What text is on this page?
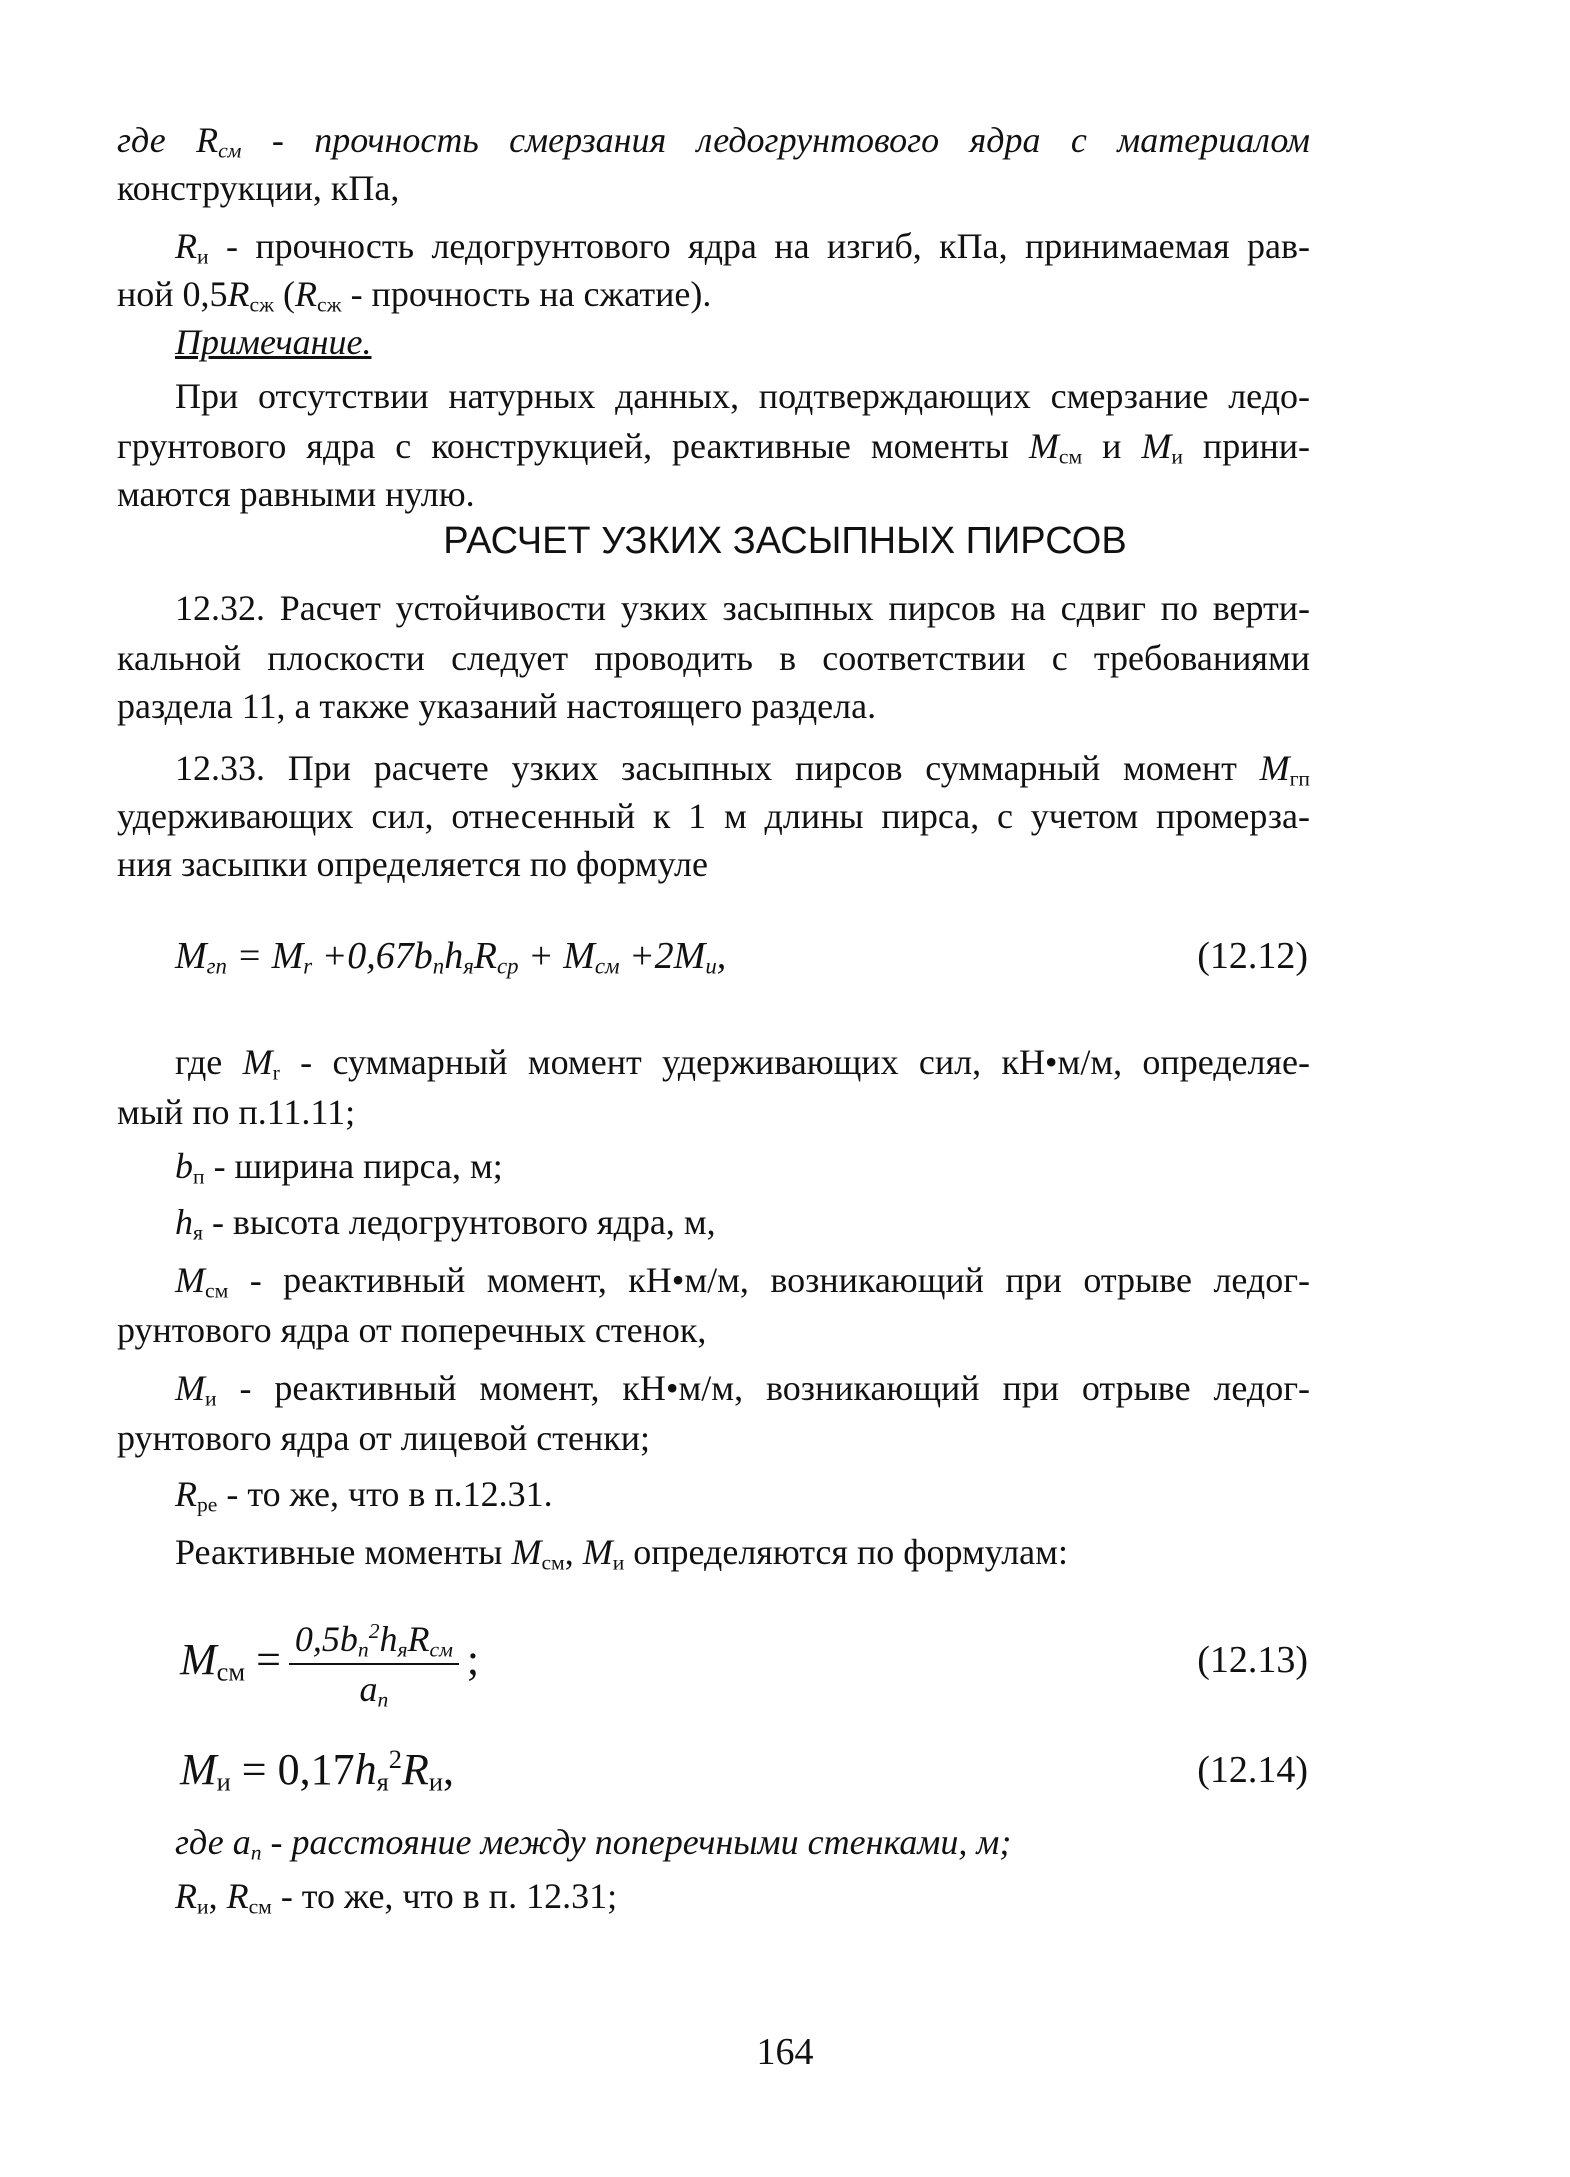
где $R_{см}$ - прочность смерзания ледогрунтового ядра с материалом
конструкции, кПа,
$R_и$ - прочность ледогрунтового ядра на изгиб, кПа, принимаемая рав-
ной $0,5R_{сж}$ ($R_{сж}$ - прочность на сжатие).
Примечание.
При отсутствии натурных данных, подтверждающих смерзание ледо-
грунтового ядра с конструкцией, реактивные моменты $M_{см}$ и $M_и$ прини-
маются равными нулю.
РАСЧЕТ УЗКИХ ЗАСЫПНЫХ ПИРСОВ
12.32. Расчет устойчивости узких засыпных пирсов на сдвиг по верти-
кальной плоскости следует проводить в соответствии с требованиями
раздела 11, а также указаний настоящего раздела.
12.33. При расчете узких засыпных пирсов суммарный момент $M_{гп}$
удерживающих сил, отнесенный к 1 м длины пирса, с учетом промерза-
ния засыпки определяется по формуле
$M_{гп} = M_r +0,67b_пh_яR_{ср} + M_{см} +2M_и$,	(12.12)
где $M_r$ - суммарный момент удерживающих сил, кН•м/м, определяе-
мый по п.11.11;
$b_п$ - ширина пирса, м;
$h_я$ - высота ледогрунтового ядра, м,
$M_{см}$ - реактивный момент, кН•м/м, возникающий при отрыве ледог-
рунтового ядра от поперечных стенок,
$M_и$ - реактивный момент, кН•м/м, возникающий при отрыве ледог-
рунтового ядра от лицевой стенки;
$R_{ре}$ - то же, что в п.12.31.
Реактивные моменты $M_{см}$, $M_и$ определяются по формулам:
$M_{см} = \frac{0,5b_п^2h_яR_{см}}{a_п}$ ;	(12.13)
$M_и = 0,17h_я^2R_и$,	(12.14)
где $a_п$ - расстояние между поперечными стенками, м;
$R_и$, $R_{см}$ - то же, что в п. 12.31;
164
